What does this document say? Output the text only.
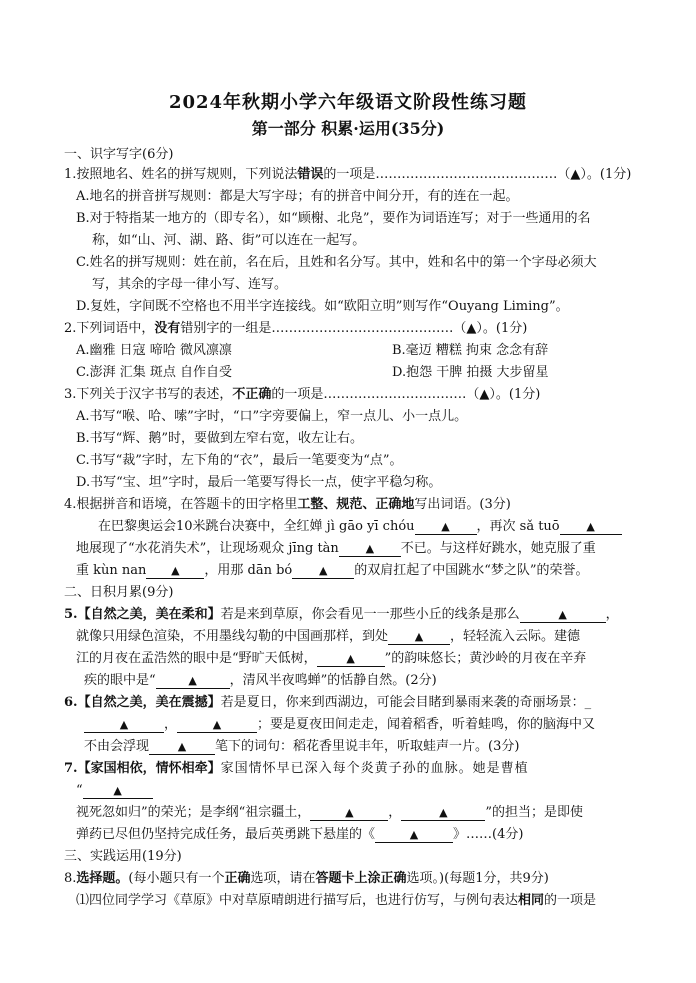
2024年秋期小学六年级语文阶段性练习题
第一部分 积累·运用(35分)
一、识字写字(6分)
1.按照地名、姓名的拼写规则，下列说法错误的一项是……………………………………（▲）。(1分)
A.地名的拼音拼写规则：都是大写字母；有的拼音中间分开，有的连在一起。
B.对于特指某一地方的（即专名），如“顾榭、北凫”，要作为词语连写；对于一些通用的名
称，如“山、河、湖、路、街”可以连在一起写。
C.姓名的拼写规则：姓在前，名在后，且姓和名分写。其中，姓和名中的第一个字母必须大
写，其余的字母一律小写、连写。
D.复姓，字间既不空格也不用半字连接线。如“欧阳立明”则写作“Ouyang Liming”。
2.下列词语中，没有错别字的一组是……………………………………（▲）。(1分)
A.幽雅 日寇 啼哈 微风凛凛	B.毫迈 糟糕 拘束 念念有辞
C.澎湃 汇集 斑点 自作自受	D.抱怨 干脾 拍摄 大步留星
3.下列关于汉字书写的表述，不正确的一项是……………………………（▲）。(1分)
A.书写“喉、哈、嗦”字时，“口”字旁要偏上，窄一点儿、小一点儿。
B.书写“辉、鹅”时，要做到左窄右宽，收左让右。
C.书写“裁”字时，左下角的“衣”，最后一笔要变为“点”。
D.书写“宝、坦”字时，最后一笔要写得长一点，使字平稳匀称。
4.根据拼音和语境，在答题卡的田字格里工整、规范、正确地写出词语。(3分)
在巴黎奥运会10米跳台决赛中，全红婵 jì gāo yī chóu ▲ ，再次 sǎ tuō ▲
地展现了“水花消失术”，让现场观众 jīng tàn ▲ 不已。与这样好跳水，她克服了重
重 kùn nan ▲ ，用那 dān bó ▲ 的双肩扛起了中国跳水“梦之队”的荣誉。
二、日积月累(9分)
5.【自然之美，美在柔和】若是来到草原，你会看见一一那些小丘的线条是那么	▲	，
就像只用绿色渲染，不用墨线勾勒的中国画那样，到处 ▲ ，轻轻流入云际。建德
江的月夜在孟浩然的眼中是“野旷天低树，	▲ ”的韵味悠长；黄沙岭的月夜在辛弃
疾的眼中是“	▲	，清风半夜鸣蝉”的恬静自然。(2分)
6.【自然之美，美在震撼】若是夏日，你来到西湖边，可能会目睹到暴雨来袭的奇丽场景：_
▲	，	▲	；要是夏夜田间走走，闻着稻香，听着蛙鸣，你的脑海中又
不由会浮现	▲ 笔下的词句：稻花香里说丰年，听取蛙声一片。(3分)
7.【家国相依，情怀相牵】家国情怀早已深入每个炎黄子孙的血脉。她是曹植
“	▲
视死忽如归”的荣光；是李纲“祖宗疆土，	▲	，	▲	”的担当；是即使
弹药已尽但仍坚持完成任务，最后英勇跳下悬崖的《	▲	》……(4分)
三、实践运用(19分)
8.选择题。(每小题只有一个正确选项，请在答题卡上涂正确选项。)(每题1分，共9分)
⑴四位同学学习《草原》中对草原晴朗进行描写后，也进行仿写，与例句表达相同的一项是
